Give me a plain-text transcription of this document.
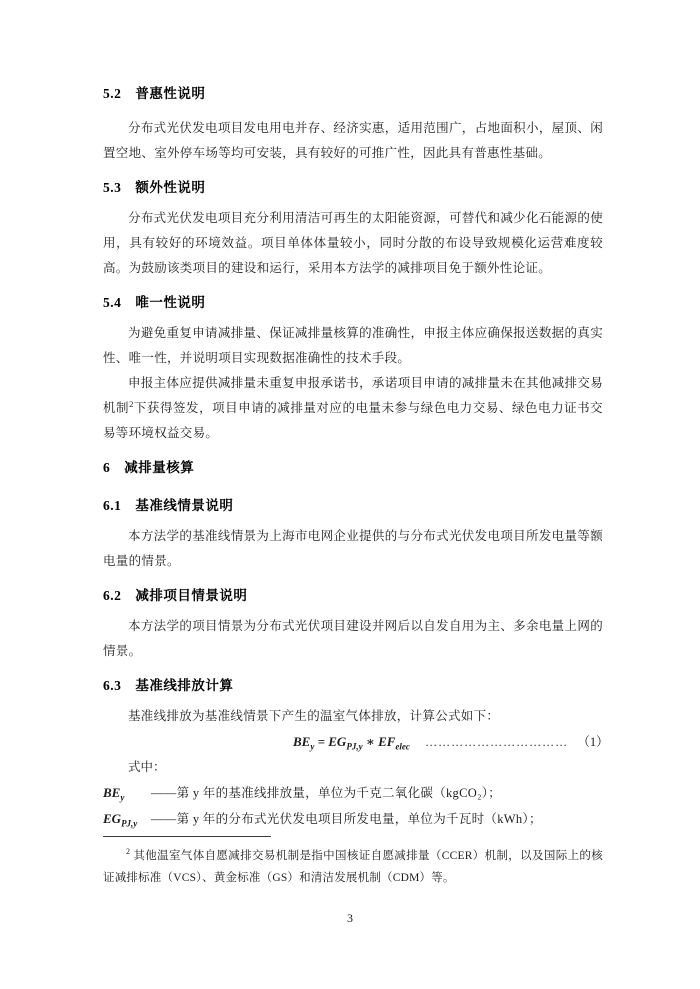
5.2 普惠性说明

分布式光伏发电项目发电用电并存、经济实惠，适用范围广，占地面积小，屋顶、闲置空地、室外停车场等均可安装，具有较好的可推广性，因此具有普惠性基础。

5.3 额外性说明

分布式光伏发电项目充分利用清洁可再生的太阳能资源，可替代和减少化石能源的使用，具有较好的环境效益。项目单体体量较小，同时分散的布设导致规模化运营难度较高。为鼓励该类项目的建设和运行，采用本方法学的减排项目免于额外性论证。

5.4 唯一性说明

为避免重复申请减排量、保证减排量核算的准确性，申报主体应确保报送数据的真实性、唯一性，并说明项目实现数据准确性的技术手段。

申报主体应提供减排量未重复申报承诺书，承诺项目申请的减排量未在其他减排交易机制$^2$下获得签发，项目申请的减排量对应的电量未参与绿色电力交易、绿色电力证书交易等环境权益交易。

6 减排量核算
6.1 基准线情景说明

本方法学的基准线情景为上海市电网企业提供的与分布式光伏发电项目所发电量等额电量的情景。

6.2 减排项目情景说明

本方法学的项目情景为分布式光伏项目建设并网后以自发自用为主、多余电量上网的情景。

6.3 基准线排放计算

基准线排放为基准线情景下产生的温室气体排放，计算公式如下：

$BE_y = EG_{PJ,y}$ ∗ $EF_{elec}$ …………………………… （1）

式中：

$BE_y$	——第 y 年的基准线排放量，单位为千克二氧化碳（kgCO₂）；
$EG_{PJ,y}$	——第 y 年的分布式光伏发电项目所发电量，单位为千瓦时（kWh）；
$^2$ 其他温室气体自愿减排交易机制是指中国核证自愿减排量（CCER）机制，以及国际上的核证减排标准（VCS）、黄金标准（GS）和清洁发展机制（CDM）等。
3
